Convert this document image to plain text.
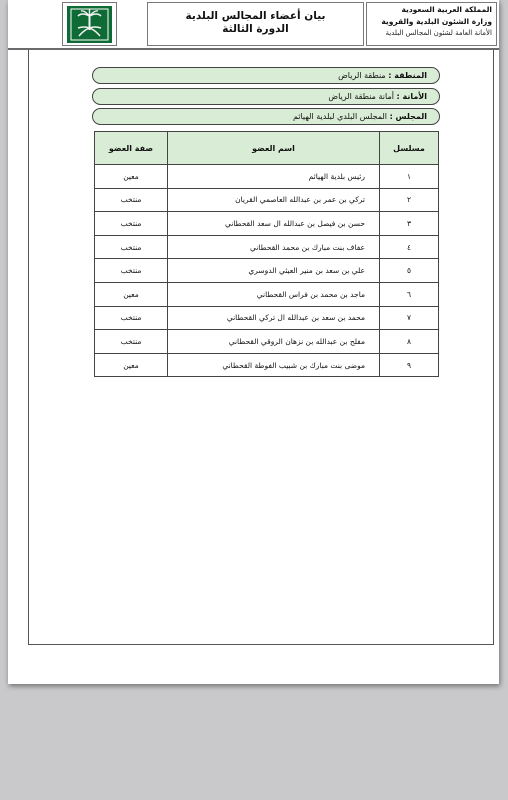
بيان أعضاء المجالس البلدية
الدورة الثالثة
المملكة العربية السعودية
وزارة الشئون البلدية والقروية
الأمانة العامة لشئون المجالس البلدية
المنطقة : منطقة الرياض
الأمانة : أمانة منطقة الرياض
المجلس : المجلس البلدي لبلدية الهياثم
مسلسل	اسم العضو	صفة العضو
١	رئيس بلدية الهياثم	معين
٢	تركي بن عمر بن عبدالله العاصمي القريان	منتخب
٣	حسن بن فيصل بن عبدالله ال سعد القحطاني	منتخب
٤	عفاف بنت مبارك بن محمد القحطاني	منتخب
٥	علي بن سعد بن منير العيثي الدوسري	منتخب
٦	ماجد بن محمد بن فراس القحطاني	معين
٧	محمد بن سعد بن عبدالله ال تركي القحطاني	منتخب
٨	مفلح بن عبدالله بن نزهان الروقي القحطاني	منتخب
٩	موضى بنت مبارك بن شبيب الفوطة القحطاني	معين
